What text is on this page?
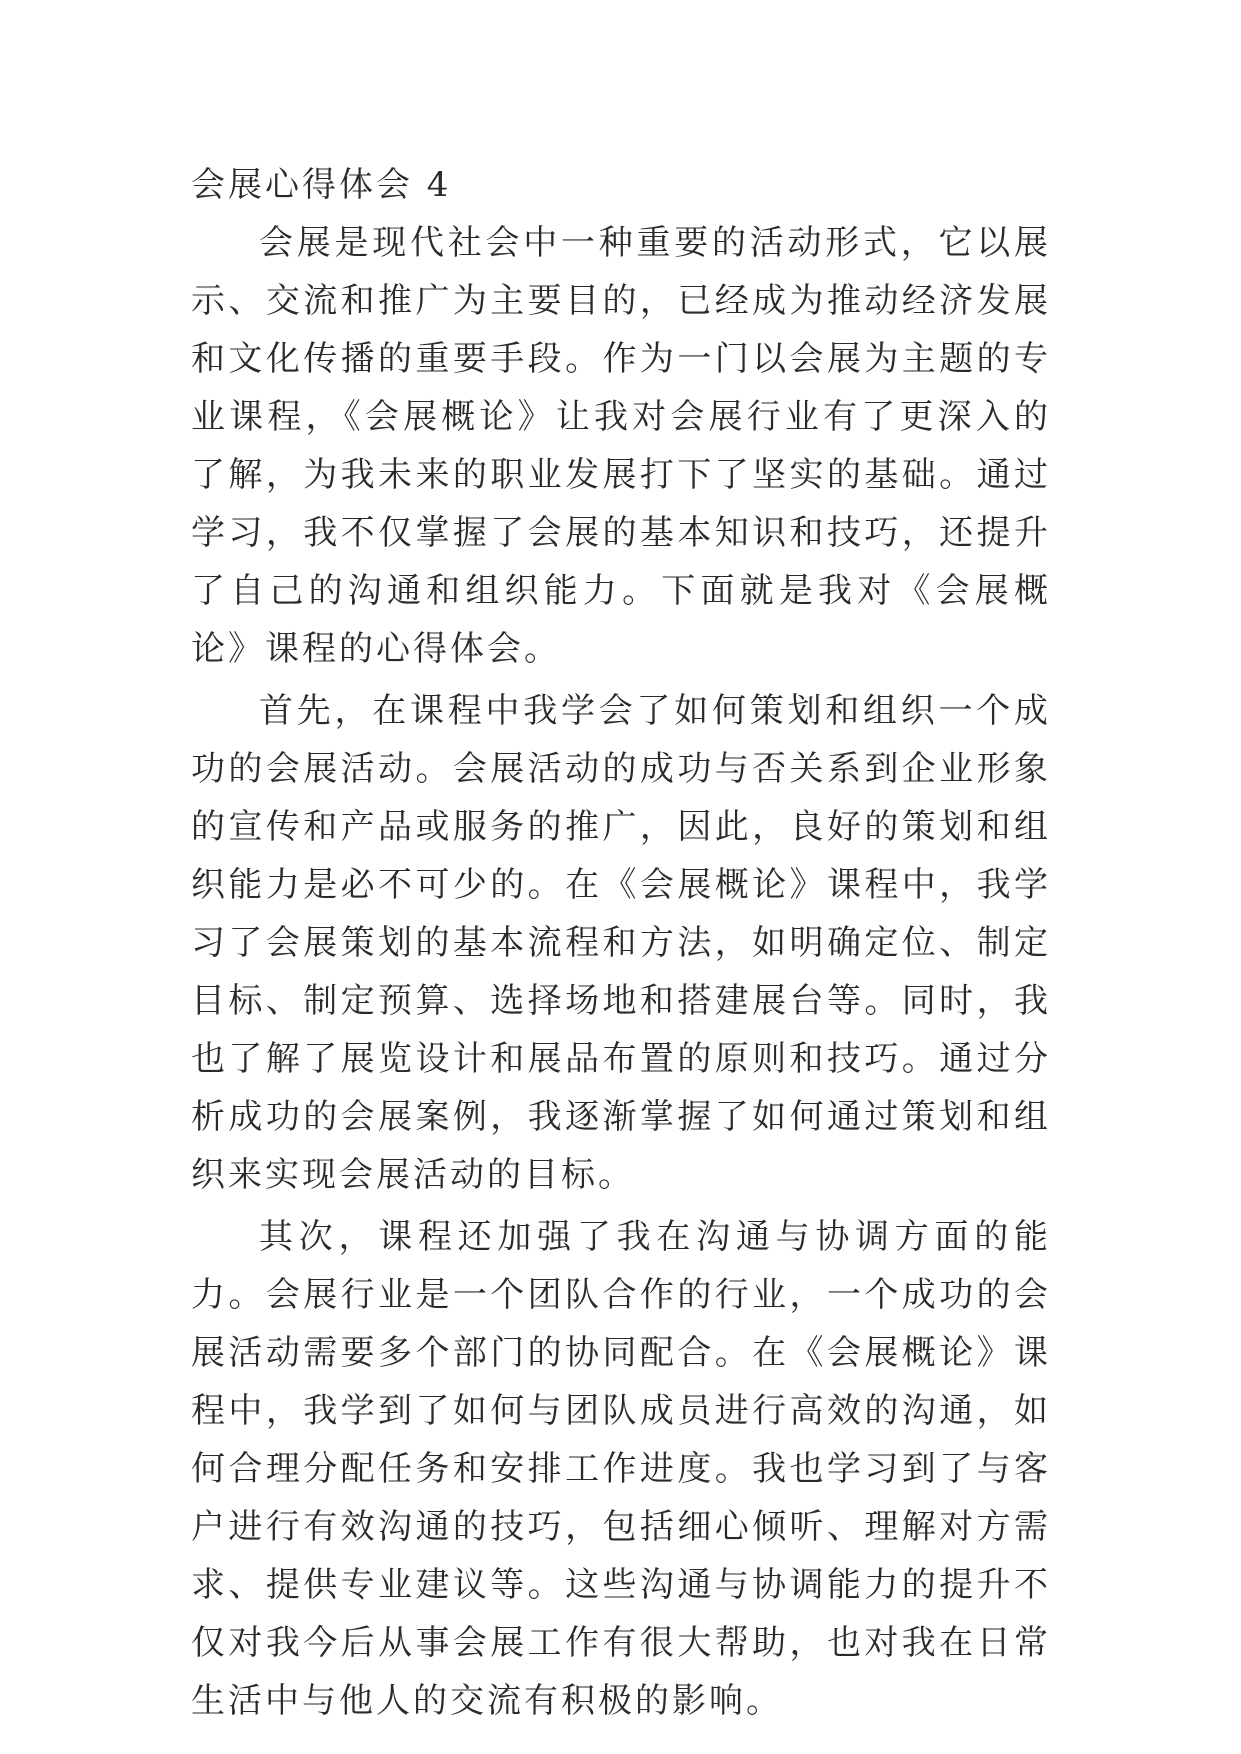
会展心得体会 4

会展是现代社会中一种重要的活动形式，它以展示、交流和推广为主要目的，已经成为推动经济发展和文化传播的重要手段。作为一门以会展为主题的专业课程，《会展概论》让我对会展行业有了更深入的了解，为我未来的职业发展打下了坚实的基础。通过学习，我不仅掌握了会展的基本知识和技巧，还提升了自己的沟通和组织能力。下面就是我对《会展概论》课程的心得体会。

首先，在课程中我学会了如何策划和组织一个成功的会展活动。会展活动的成功与否关系到企业形象的宣传和产品或服务的推广，因此，良好的策划和组织能力是必不可少的。在《会展概论》课程中，我学习了会展策划的基本流程和方法，如明确定位、制定目标、制定预算、选择场地和搭建展台等。同时，我也了解了展览设计和展品布置的原则和技巧。通过分析成功的会展案例，我逐渐掌握了如何通过策划和组织来实现会展活动的目标。

其次，课程还加强了我在沟通与协调方面的能力。会展行业是一个团队合作的行业，一个成功的会展活动需要多个部门的协同配合。在《会展概论》课程中，我学到了如何与团队成员进行高效的沟通，如何合理分配任务和安排工作进度。我也学习到了与客户进行有效沟通的技巧，包括细心倾听、理解对方需求、提供专业建议等。这些沟通与协调能力的提升不仅对我今后从事会展工作有很大帮助，也对我在日常生活中与他人的交流有积极的影响。
